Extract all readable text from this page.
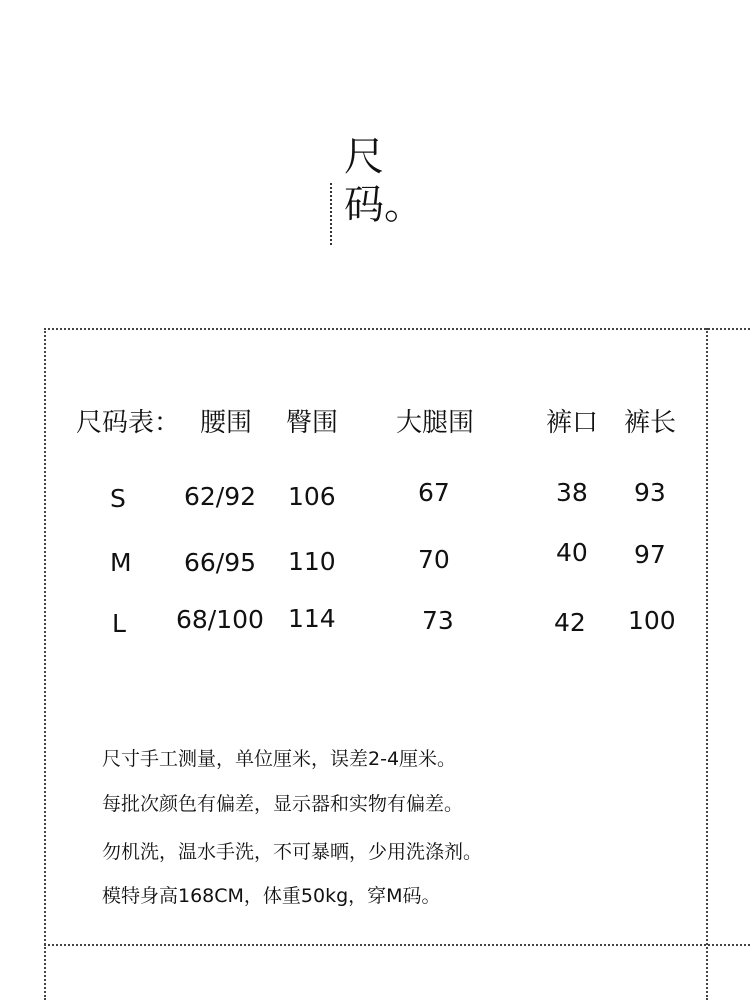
尺
码。
尺码表： 腰围 臀围 大腿围	裤口 裤长
S 62/92 106	67	38 93
M 66/95 110	70	40 97
L 68/100 114	73	42 100
尺寸手工测量，单位厘米，误差2-4厘米。
每批次颜色有偏差，显示器和实物有偏差。
勿机洗，温水手洗，不可暴晒，少用洗涤剂。
模特身高168CM，体重50kg，穿M码。
